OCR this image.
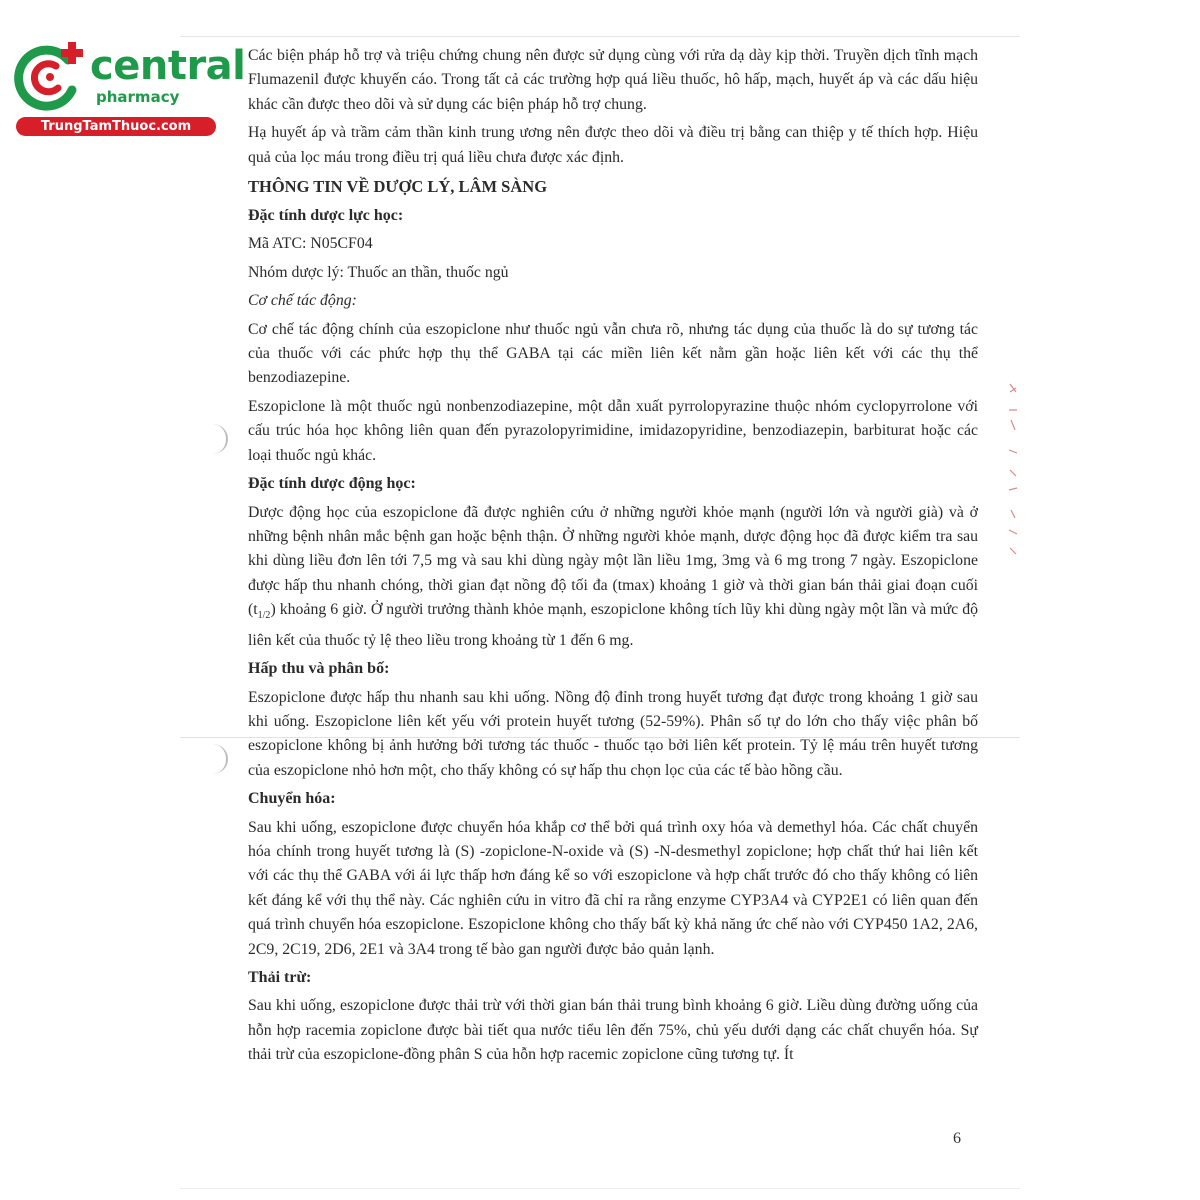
central
pharmacy
TrungTamThuoc.com

Các biện pháp hỗ trợ và triệu chứng chung nên được sử dụng cùng với rửa dạ dày kịp thời. Truyền dịch tĩnh mạch Flumazenil được khuyến cáo. Trong tất cả các trường hợp quá liều thuốc, hô hấp, mạch, huyết áp và các dấu hiệu khác cần được theo dõi và sử dụng các biện pháp hỗ trợ chung.

Hạ huyết áp và trầm cảm thần kinh trung ương nên được theo dõi và điều trị bằng can thiệp y tế thích hợp. Hiệu quả của lọc máu trong điều trị quá liều chưa được xác định.

THÔNG TIN VỀ DƯỢC LÝ, LÂM SÀNG
Đặc tính dược lực học:
Mã ATC: N05CF04
Nhóm dược lý: Thuốc an thần, thuốc ngủ
Cơ chế tác động:

Cơ chế tác động chính của eszopiclone như thuốc ngủ vẫn chưa rõ, nhưng tác dụng của thuốc là do sự tương tác của thuốc với các phức hợp thụ thể GABA tại các miền liên kết nằm gần hoặc liên kết với các thụ thể benzodiazepine.

Eszopiclone là một thuốc ngủ nonbenzodiazepine, một dẫn xuất pyrrolopyrazine thuộc nhóm cyclopyrrolone với cấu trúc hóa học không liên quan đến pyrazolopyrimidine, imidazopyridine, benzodiazepin, barbiturat hoặc các loại thuốc ngủ khác.

Đặc tính dược động học:

Dược động học của eszopiclone đã được nghiên cứu ở những người khỏe mạnh (người lớn và người già) và ở những bệnh nhân mắc bệnh gan hoặc bệnh thận. Ở những người khỏe mạnh, dược động học đã được kiểm tra sau khi dùng liều đơn lên tới 7,5 mg và sau khi dùng ngày một lần liều 1mg, 3mg và 6 mg trong 7 ngày. Eszopiclone được hấp thu nhanh chóng, thời gian đạt nồng độ tối đa (tmax) khoảng 1 giờ và thời gian bán thải giai đoạn cuối $(t_{1/2})$ khoảng 6 giờ. Ở người trưởng thành khỏe mạnh, eszopiclone không tích lũy khi dùng ngày một lần và mức độ liên kết của thuốc tỷ lệ theo liều trong khoảng từ 1 đến 6 mg.

Hấp thu và phân bố:

Eszopiclone được hấp thu nhanh sau khi uống. Nồng độ đỉnh trong huyết tương đạt được trong khoảng 1 giờ sau khi uống. Eszopiclone liên kết yếu với protein huyết tương (52-59%). Phân số tự do lớn cho thấy việc phân bố eszopiclone không bị ảnh hưởng bởi tương tác thuốc - thuốc tạo bởi liên kết protein. Tỷ lệ máu trên huyết tương của eszopiclone nhỏ hơn một, cho thấy không có sự hấp thu chọn lọc của các tế bào hồng cầu.

Chuyển hóa:

Sau khi uống, eszopiclone được chuyển hóa khắp cơ thể bởi quá trình oxy hóa và demethyl hóa. Các chất chuyển hóa chính trong huyết tương là (S) -zopiclone-N-oxide và (S) -N-desmethyl zopiclone; hợp chất thứ hai liên kết với các thụ thể GABA với ái lực thấp hơn đáng kể so với eszopiclone và hợp chất trước đó cho thấy không có liên kết đáng kể với thụ thể này. Các nghiên cứu in vitro đã chỉ ra rằng enzyme CYP3A4 và CYP2E1 có liên quan đến quá trình chuyển hóa eszopiclone. Eszopiclone không cho thấy bất kỳ khả năng ức chế nào với CYP450 1A2, 2A6, 2C9, 2C19, 2D6, 2E1 và 3A4 trong tế bào gan người được bảo quản lạnh.

Thải trừ:

Sau khi uống, eszopiclone được thải trừ với thời gian bán thải trung bình khoảng 6 giờ. Liều dùng đường uống của hỗn hợp racemia zopiclone được bài tiết qua nước tiểu lên đến 75%, chủ yếu dưới dạng các chất chuyển hóa. Sự thải trừ của eszopiclone-đồng phân S của hỗn hợp racemic zopiclone cũng tương tự. Ít

6
